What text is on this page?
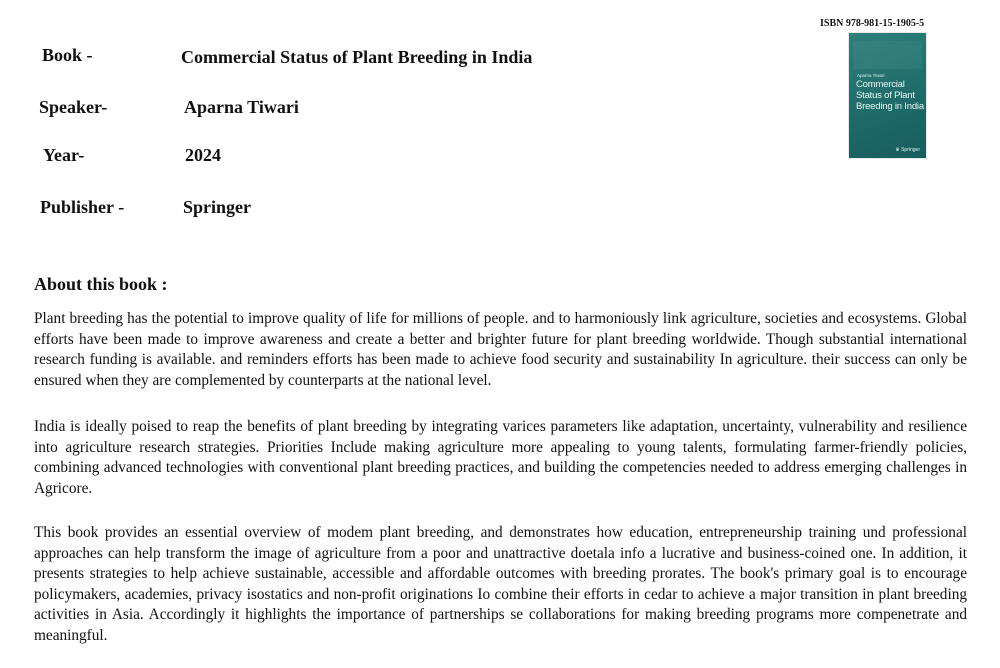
ISBN 978-981-15-1905-5
Aparna Tiwari
Commercial Status of Plant Breeding in India
♛ Springer
Book -	Commercial Status of Plant Breeding in India
Speaker-	Aparna Tiwari
Year-	2024
Publisher -	Springer
About this book :

Plant breeding has the potential to improve quality of life for millions of people. and to harmoniously link agriculture, societies and ecosystems. Global efforts have been made to improve awareness and create a better and brighter future for plant breeding worldwide. Though substantial international research funding is available. and reminders efforts has been made to achieve food security and sustainability In agriculture. their success can only be ensured when they are complemented by counterparts at the national level.

India is ideally poised to reap the benefits of plant breeding by integrating varices parameters like adaptation, uncertainty, vulnerability and resilience into agriculture research strategies. Priorities Include making agriculture more appealing to young talents, formulating farmer-friendly policies, combining advanced technologies with conventional plant breeding practices, and building the competencies needed to address emerging challenges in Agricore.

This book provides an essential overview of modem plant breeding, and demonstrates how education, entrepreneurship training und professional approaches can help transform the image of agriculture from a poor and unattractive doetala info a lucrative and business-coined one. In addition, it presents strategies to help achieve sustainable, accessible and affordable outcomes with breeding prorates. The book's primary goal is to encourage policymakers, academies, privacy isostatics and non-profit originations Io combine their efforts in cedar to achieve a major transition in plant breeding activities in Asia. Accordingly it highlights the importance of partnerships se collaborations for making breeding programs more compenetrate and meaningful.
